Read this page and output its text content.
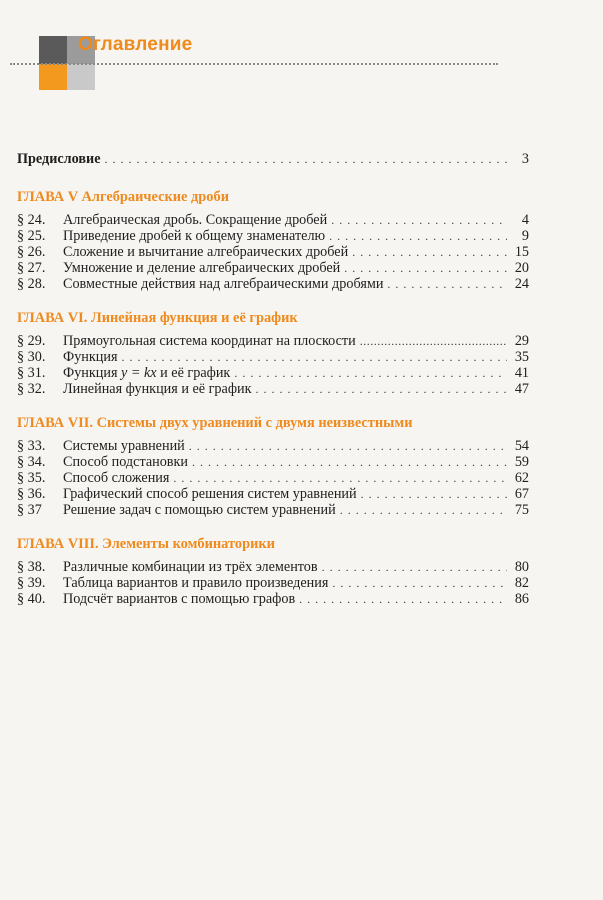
Оглавление
Предисловие . . .	3
ГЛАВА V Алгебраические дроби
§ 24.	Алгебраическая дробь. Сокращение дробей . . .	4
§ 25.	Приведение дробей к общему знаменателю . . .	9
§ 26.	Сложение и вычитание алгебраических дробей . . .	15
§ 27.	Умножение и деление алгебраических дробей . . .	20
§ 28.	Совместные действия над алгебраическими дробями . . .	24
ГЛАВА VI. Линейная функция и её график
§ 29.	Прямоугольная система координат на плоскости .....	29
§ 30.	Функция . . .	35
§ 31.	Функция y = kx и её график . . .	41
§ 32.	Линейная функция и её график . . .	47
ГЛАВА VII. Системы двух уравнений с двумя неизвестными
§ 33.	Системы уравнений . . .	54
§ 34.	Способ подстановки . . .	59
§ 35.	Способ сложения . . .	62
§ 36.	Графический способ решения систем уравнений . . .	67
§ 37	Решение задач с помощью систем уравнений . . .	75
ГЛАВА VIII. Элементы комбинаторики
§ 38.	Различные комбинации из трёх элементов . . .	80
§ 39.	Таблица вариантов и правило произведения . . .	82
§ 40.	Подсчёт вариантов с помощью графов . . .	86
